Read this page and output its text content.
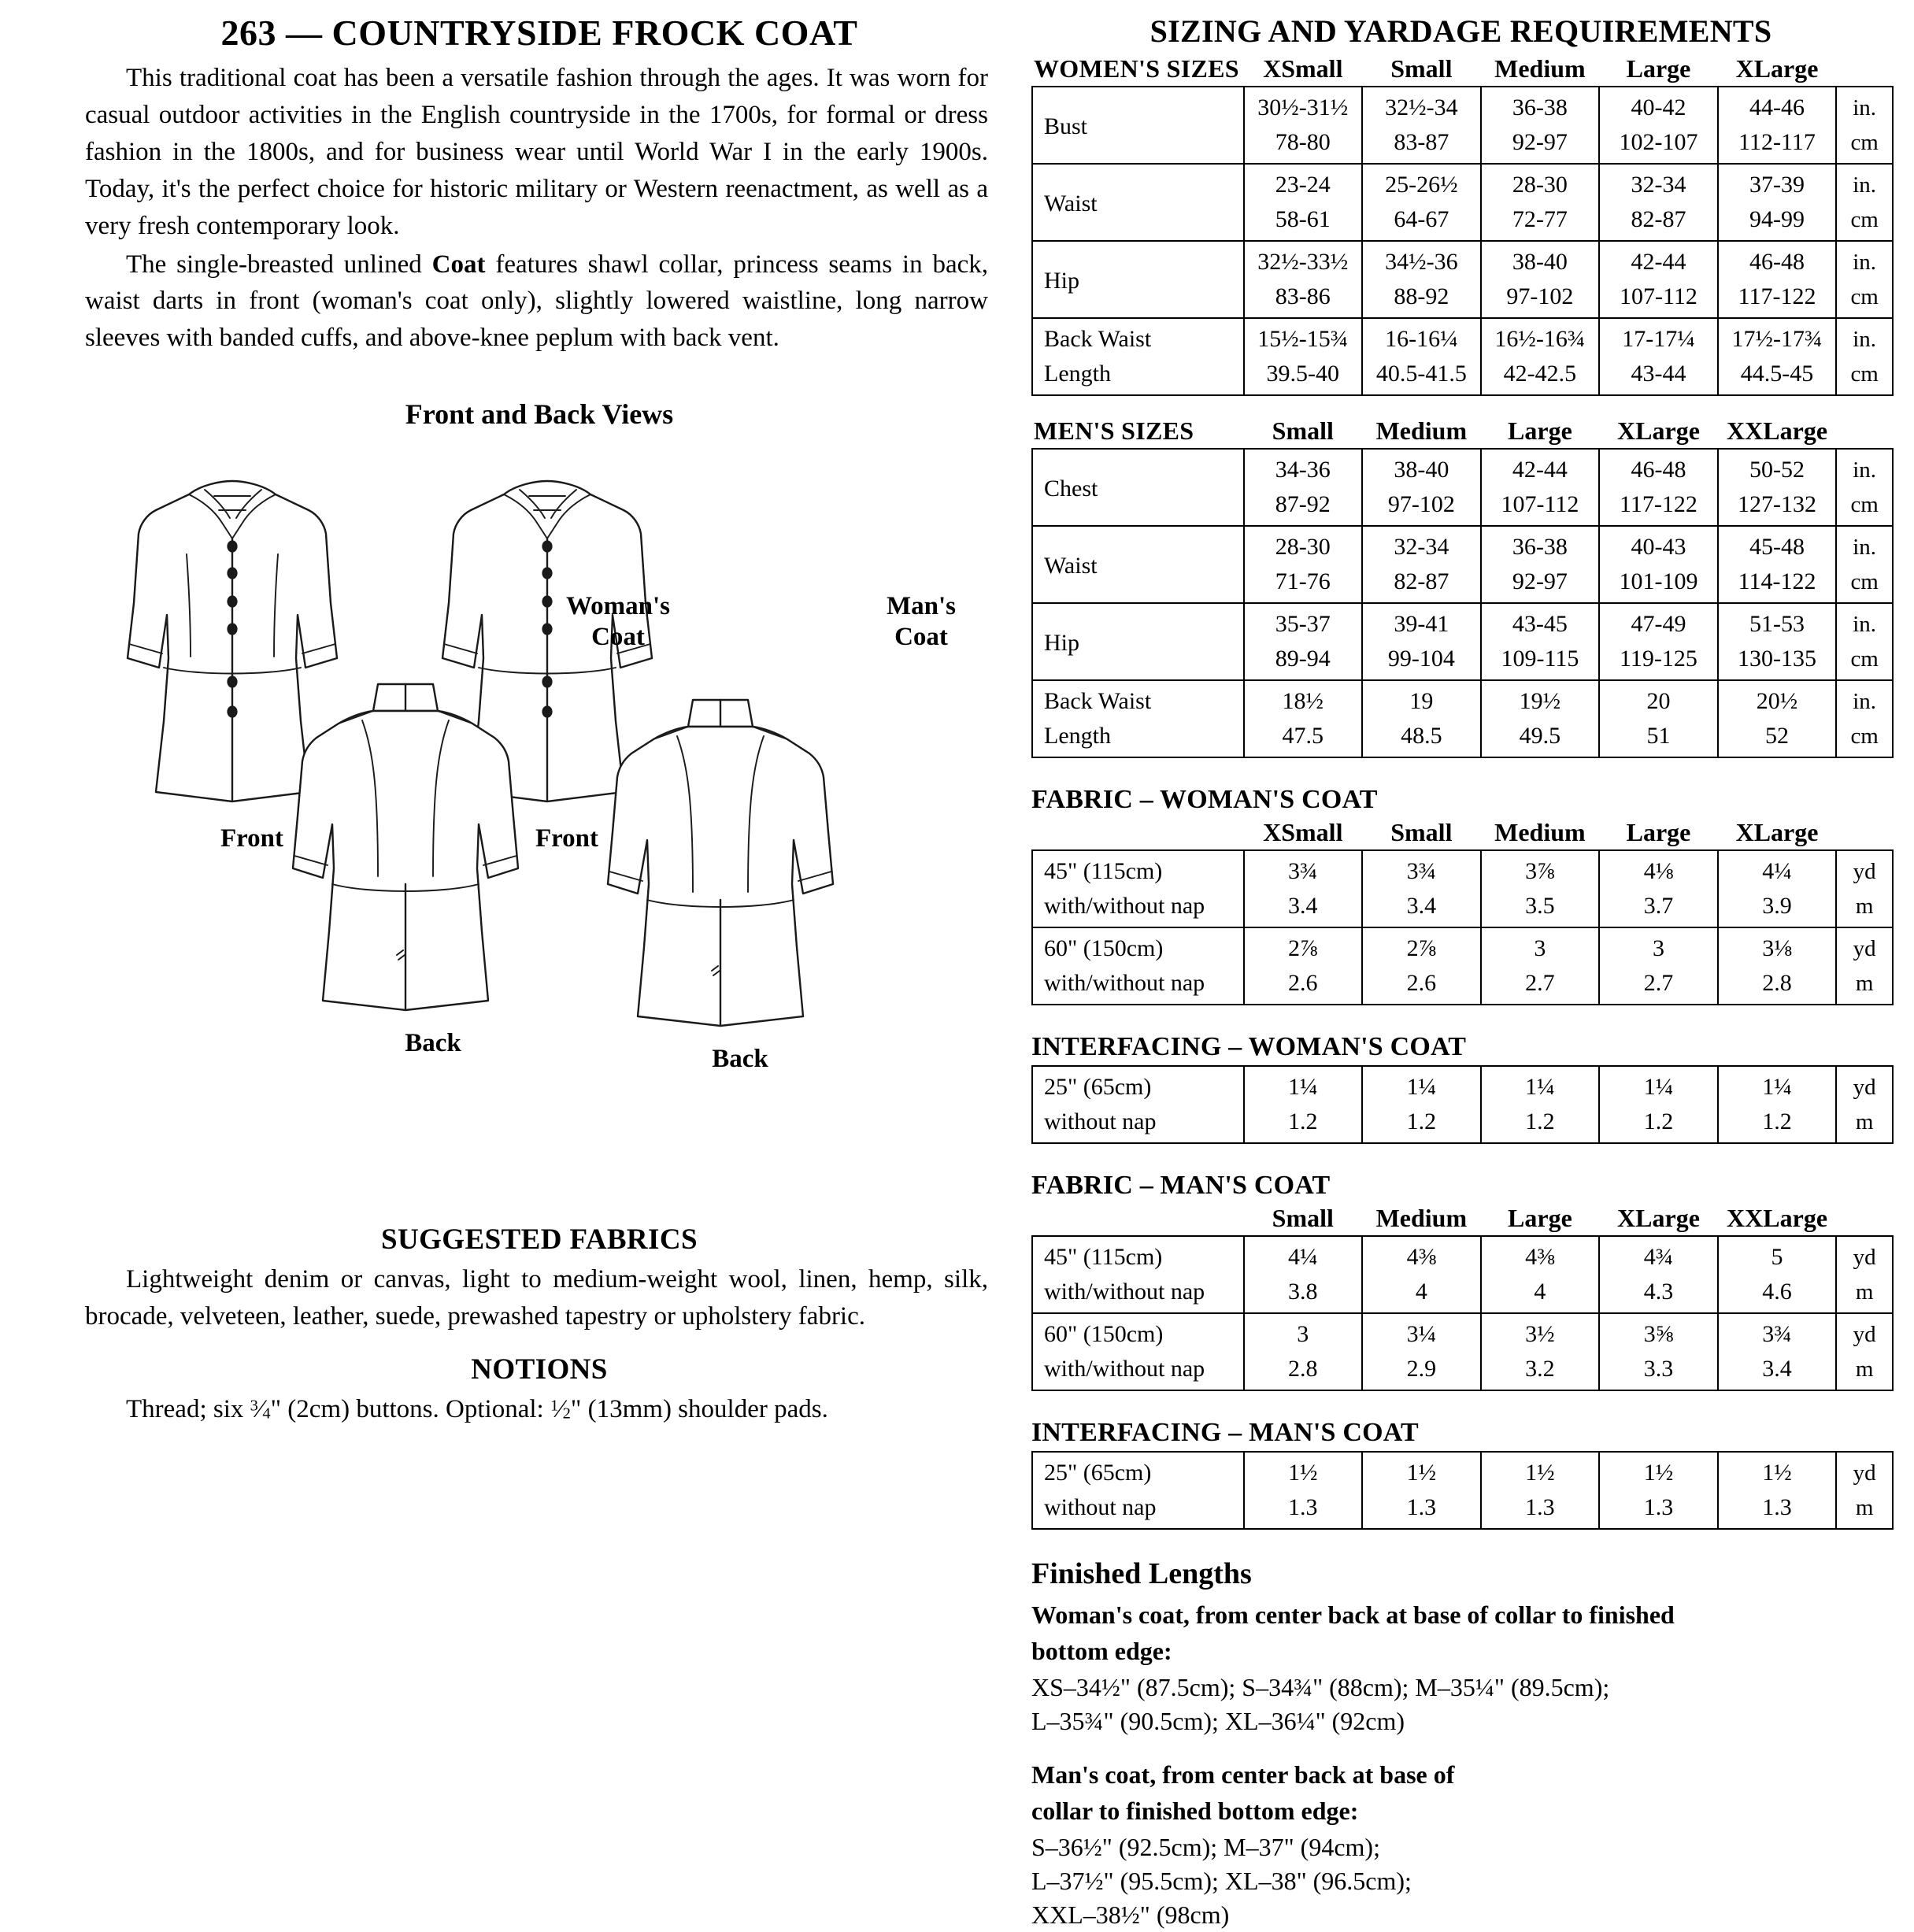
263 — COUNTRYSIDE FROCK COAT

This traditional coat has been a versatile fashion through the ages. It was worn for casual outdoor activities in the English countryside in the 1700s, for formal or dress fashion in the 1800s, and for business wear until World War I in the early 1900s. Today, it's the perfect choice for historic military or Western reenactment, as well as a very fresh contemporary look.

The single-breasted unlined Coat features shawl collar, princess seams in back, waist darts in front (woman's coat only), slightly lowered waistline, long narrow sleeves with banded cuffs, and above-knee peplum with back vent.

Front and Back Views
Woman's
Coat
Man's
Coat
Front	Front
Back
Back
SUGGESTED FABRICS

Lightweight denim or canvas, light to medium-weight wool, linen, hemp, silk, brocade, velveteen, leather, suede, prewashed tapestry or upholstery fabric.

NOTIONS

Thread; six $^3⁄_4$" (2cm) buttons. Optional: $^1⁄_2$" (13mm) shoulder pads.

SIZING AND YARDAGE REQUIREMENTS
WOMEN'S SIZES	XSmall	Small	Medium	Large	XLarge	
Bust	30½-31½	32½-34	36-38	40-42	44-46	in.
	78-80	83-87	92-97	102-107	112-117	cm
Waist	23-24	25-26½	28-30	32-34	37-39	in.
	58-61	64-67	72-77	82-87	94-99	cm
Hip	32½-33½	34½-36	38-40	42-44	46-48	in.
	83-86	88-92	97-102	107-112	117-122	cm
Back Waist	15½-15¾	16-16¼	16½-16¾	17-17¼	17½-17¾	in.
Length	39.5-40	40.5-41.5	42-42.5	43-44	44.5-45	cm
MEN'S SIZES	Small	Medium	Large	XLarge	XXLarge	
Chest	34-36	38-40	42-44	46-48	50-52	in.
	87-92	97-102	107-112	117-122	127-132	cm
Waist	28-30	32-34	36-38	40-43	45-48	in.
	71-76	82-87	92-97	101-109	114-122	cm
Hip	35-37	39-41	43-45	47-49	51-53	in.
	89-94	99-104	109-115	119-125	130-135	cm
Back Waist	18½	19	19½	20	20½	in.
Length	47.5	48.5	49.5	51	52	cm
FABRIC – WOMAN'S COAT
	XSmall	Small	Medium	Large	XLarge	
45" (115cm)	3¾	3¾	3⅞	4⅛	4¼	yd
with/without nap	3.4	3.4	3.5	3.7	3.9	m
60" (150cm)	2⅞	2⅞	3	3	3⅛	yd
with/without nap	2.6	2.6	2.7	2.7	2.8	m
INTERFACING – WOMAN'S COAT
25" (65cm)	1¼	1¼	1¼	1¼	1¼	yd
without nap	1.2	1.2	1.2	1.2	1.2	m
FABRIC – MAN'S COAT
	Small	Medium	Large	XLarge	XXLarge	
45" (115cm)	4¼	4⅜	4⅜	4¾	5	yd
with/without nap	3.8	4	4	4.3	4.6	m
60" (150cm)	3	3¼	3½	3⅝	3¾	yd
with/without nap	2.8	2.9	3.2	3.3	3.4	m
INTERFACING – MAN'S COAT
25" (65cm)	1½	1½	1½	1½	1½	yd
without nap	1.3	1.3	1.3	1.3	1.3	m
Finished Lengths
Woman's coat, from center back at base of collar to finished
bottom edge:
XS–34½" (87.5cm); S–34¾" (88cm); M–35¼" (89.5cm);
L–35¾" (90.5cm); XL–36¼" (92cm)
Man's coat, from center back at base of
collar to finished bottom edge:
S–36½" (92.5cm); M–37" (94cm);
L–37½" (95.5cm); XL–38" (96.5cm);
XXL–38½" (98cm)
